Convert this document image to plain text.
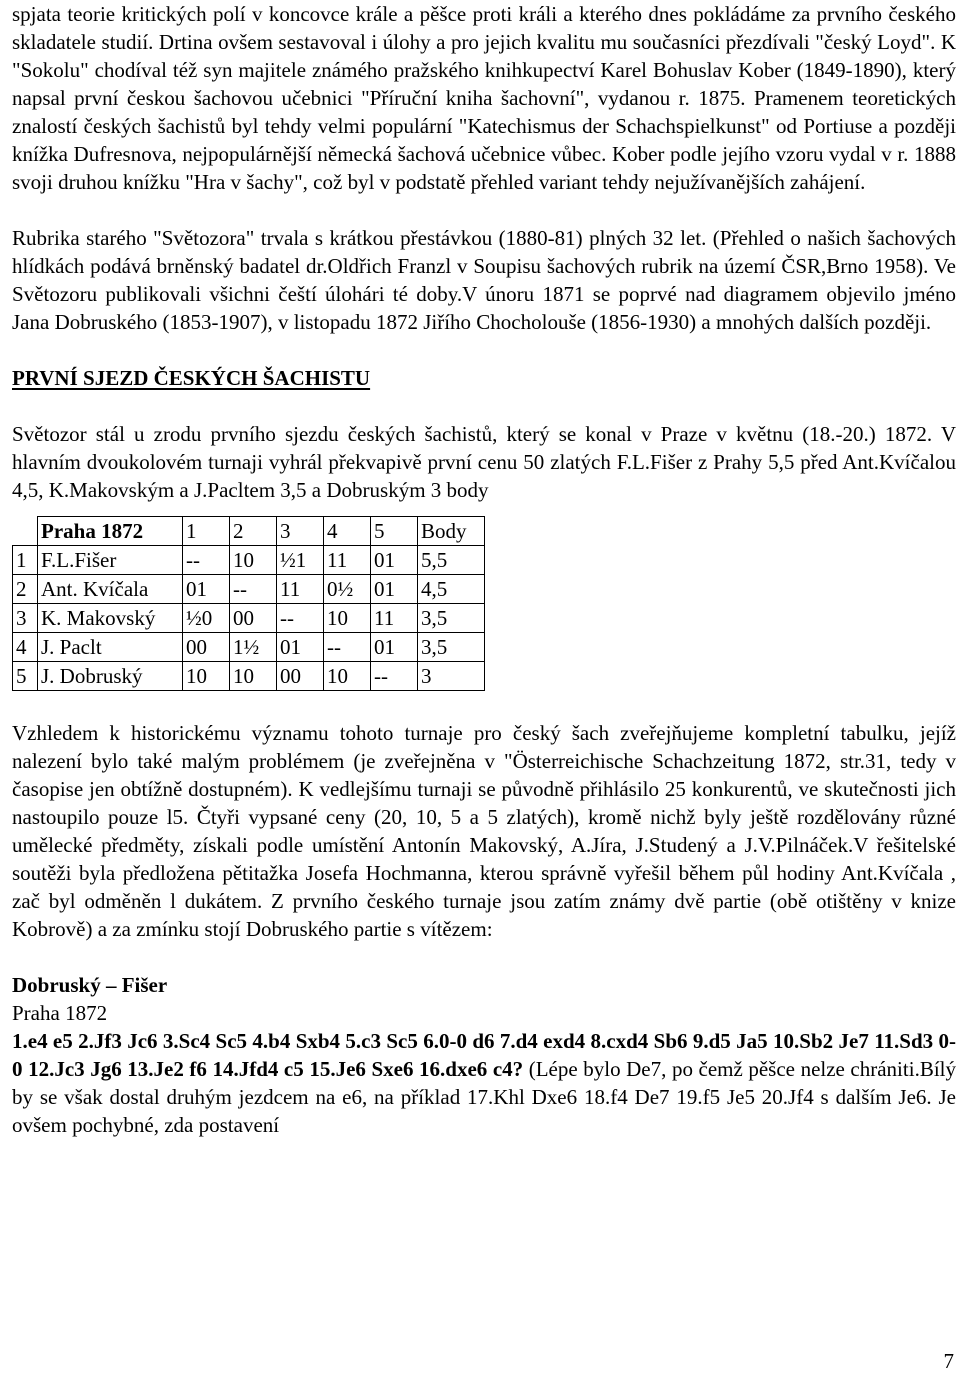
spjata teorie kritických polí v koncovce krále a pěšce proti králi a kterého dnes pokládáme za prvního českého skladatele studií. Drtina ovšem sestavoval i úlohy a pro jejich kvalitu mu současníci přezdívali "český Loyd". K "Sokolu" chodíval též syn majitele známého pražského knihkupectví Karel Bohuslav Kober (1849-1890), který napsal první českou šachovou učebnici "Příruční kniha šachovní", vydanou r. 1875. Pramenem teoretických znalostí českých šachistů byl tehdy velmi populární "Katechismus der Schachspielkunst" od Portiuse a později knížka Dufresnova, nejpopulárnější německá šachová učebnice vůbec. Kober podle jejího vzoru vydal v r. 1888 svoji druhou knížku "Hra v šachy", což byl v podstatě přehled variant tehdy nejužívanějších zahájení.

Rubrika starého "Světozora" trvala s krátkou přestávkou (1880-81) plných 32 let. (Přehled o našich šachových hlídkách podává brněnský badatel dr.Oldřich Franzl v Soupisu šachových rubrik na území ČSR,Brno 1958). Ve Světozoru publikovali všichni čeští úlohári té doby.V únoru 1871 se poprvé nad diagramem objevilo jméno Jana Dobruského (1853-1907), v listopadu 1872 Jiřího Chocholouše (1856-1930) a mnohých dalších později.

PRVNÍ SJEZD ČESKÝCH ŠACHISTU

Světozor stál u zrodu prvního sjezdu českých šachistů, který se konal v Praze v květnu (18.-20.) 1872. V hlavním dvoukolovém turnaji vyhrál překvapivě první cenu 50 zlatých F.L.Fišer z Prahy 5,5 před Ant.Kvíčalou 4,5, K.Makovským a J.Pacltem 3,5 a Dobruským 3 body

	Praha 1872	1	2	3	4	5	Body
1	F.L.Fišer	--	10	½1	11	01	5,5
2	Ant. Kvíčala	01	--	11	0½	01	4,5
3	K. Makovský	½0	00	--	10	11	3,5
4	J. Paclt	00	1½	01	--	01	3,5
5	J. Dobruský	10	10	00	10	--	3

Vzhledem k historickému významu tohoto turnaje pro český šach zveřejňujeme kompletní tabulku, jejíž nalezení bylo také malým problémem (je zveřejněna v "Österreichische Schachzeitung 1872, str.31, tedy v časopise jen obtížně dostupném). K vedlejšímu turnaji se původně přihlásilo 25 konkurentů, ve skutečnosti jich nastoupilo pouze l5. Čtyři vypsané ceny (20, 10, 5 a 5 zlatých), kromě nichž byly ještě rozdělovány různé umělecké předměty, získali podle umístění Antonín Makovský, A.Jíra, J.Studený a J.V.Pilnáček.V řešitelské soutěži byla předložena pětitažka Josefa Hochmanna, kterou správně vyřešil během půl hodiny Ant.Kvíčala , zač byl odměněn l dukátem. Z prvního českého turnaje jsou zatím známy dvě partie (obě otištěny v knize Kobrově) a za zmínku stojí Dobruského partie s vítězem:

Dobruský – Fišer

Praha 1872

1.e4 e5 2.Jf3 Jc6 3.Sc4 Sc5 4.b4 Sxb4 5.c3 Sc5 6.0-0 d6 7.d4 exd4 8.cxd4 Sb6 9.d5 Ja5 10.Sb2 Je7 11.Sd3 0-0 12.Jc3 Jg6 13.Je2 f6 14.Jfd4 c5 15.Je6 Sxe6 16.dxe6 c4? (Lépe bylo De7, po čemž pěšce nelze chrániti.Bílý by se však dostal druhým jezdcem na e6, na příklad 17.Khl Dxe6 18.f4 De7 19.f5 Je5 20.Jf4 s dalším Je6. Je ovšem pochybné, zda postavení

7
